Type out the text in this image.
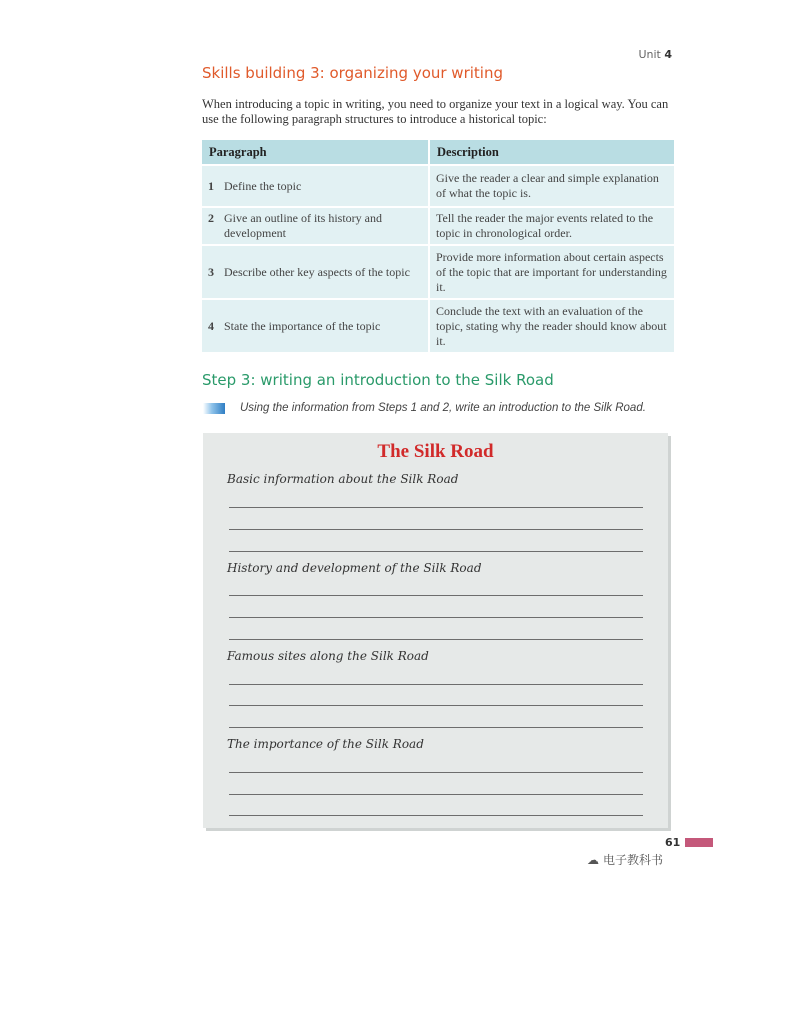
Unit 4
Skills building 3: organizing your writing

When introducing a topic in writing, you need to organize your text in a logical way. You can use the following paragraph structures to introduce a historical topic:

Paragraph	Description
1 Define the topic	Give the reader a clear and simple explanation of what the topic is.
2 Give an outline of its history and development	Tell the reader the major events related to the topic in chronological order.
3 Describe other key aspects of the topic	Provide more information about certain aspects of the topic that are important for understanding it.
4 State the importance of the topic	Conclude the text with an evaluation of the topic, stating why the reader should know about it.
Step 3: writing an introduction to the Silk Road

Using the information from Steps 1 and 2, write an introduction to the Silk Road.

The Silk Road
Basic information about the Silk Road
History and development of the Silk Road
Famous sites along the Silk Road
The importance of the Silk Road
61
☁ 电子教科书
